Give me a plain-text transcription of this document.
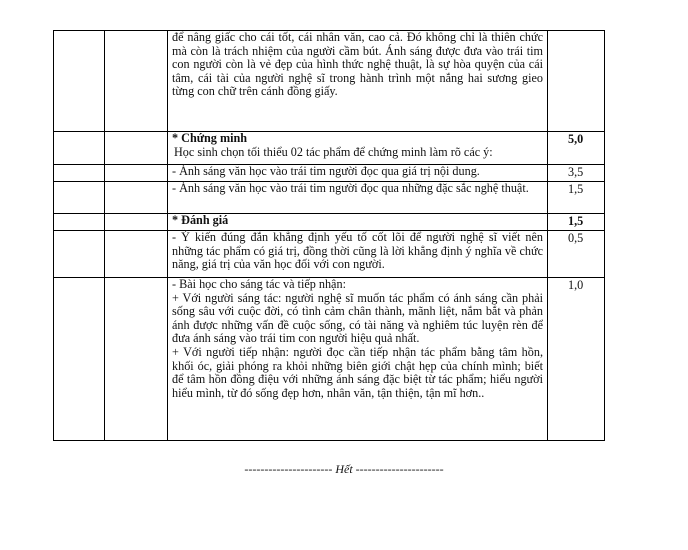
		để nâng giấc cho cái tốt, cái nhân văn, cao cả. Đó không chỉ là thiên chức mà còn là trách nhiệm của người cầm bút. Ánh sáng được đưa vào trái tim con người còn là vẻ đẹp của hình thức nghệ thuật, là sự hòa quyện của cái tâm, cái tài của người nghệ sĩ trong hành trình một nắng hai sương gieo từng con chữ trên cánh đồng giấy.	

		* Chứng minh

Học sinh chọn tối thiểu 02 tác phẩm để chứng minh làm rõ các ý:	5,0

		- Ánh sáng văn học vào trái tim người đọc qua giá trị nội dung.	3,5

		- Ánh sáng văn học vào trái tim người đọc qua những đặc sắc nghệ thuật.	1,5

		* Đánh giá	1,5

		- Ý kiến đúng đắn khẳng định yếu tố cốt lõi để người nghệ sĩ viết nên những tác phẩm có giá trị, đồng thời cũng là lời khẳng định ý nghĩa về chức năng, giá trị của văn học đối với con người.	0,5

		- Bài học cho sáng tác và tiếp nhận:

+ Với người sáng tác: người nghệ sĩ muốn tác phẩm có ánh sáng cần phải sống sâu với cuộc đời, có tình cảm chân thành, mãnh liệt, nắm bắt và phản ánh được những vấn đề cuộc sống, có tài năng và nghiêm túc luyện rèn để đưa ánh sáng vào trái tim con người hiệu quả nhất.

+ Với người tiếp nhận: người đọc cần tiếp nhận tác phẩm bằng tâm hồn, khối óc, giải phóng ra khỏi những biên giới chật hẹp của chính mình; biết để tâm hồn đồng điệu với những ánh sáng đặc biệt từ tác phẩm; hiểu người hiểu mình, từ đó sống đẹp hơn, nhân văn, tận thiện, tận mĩ hơn..	1,0
---------------------- Hết ----------------------
